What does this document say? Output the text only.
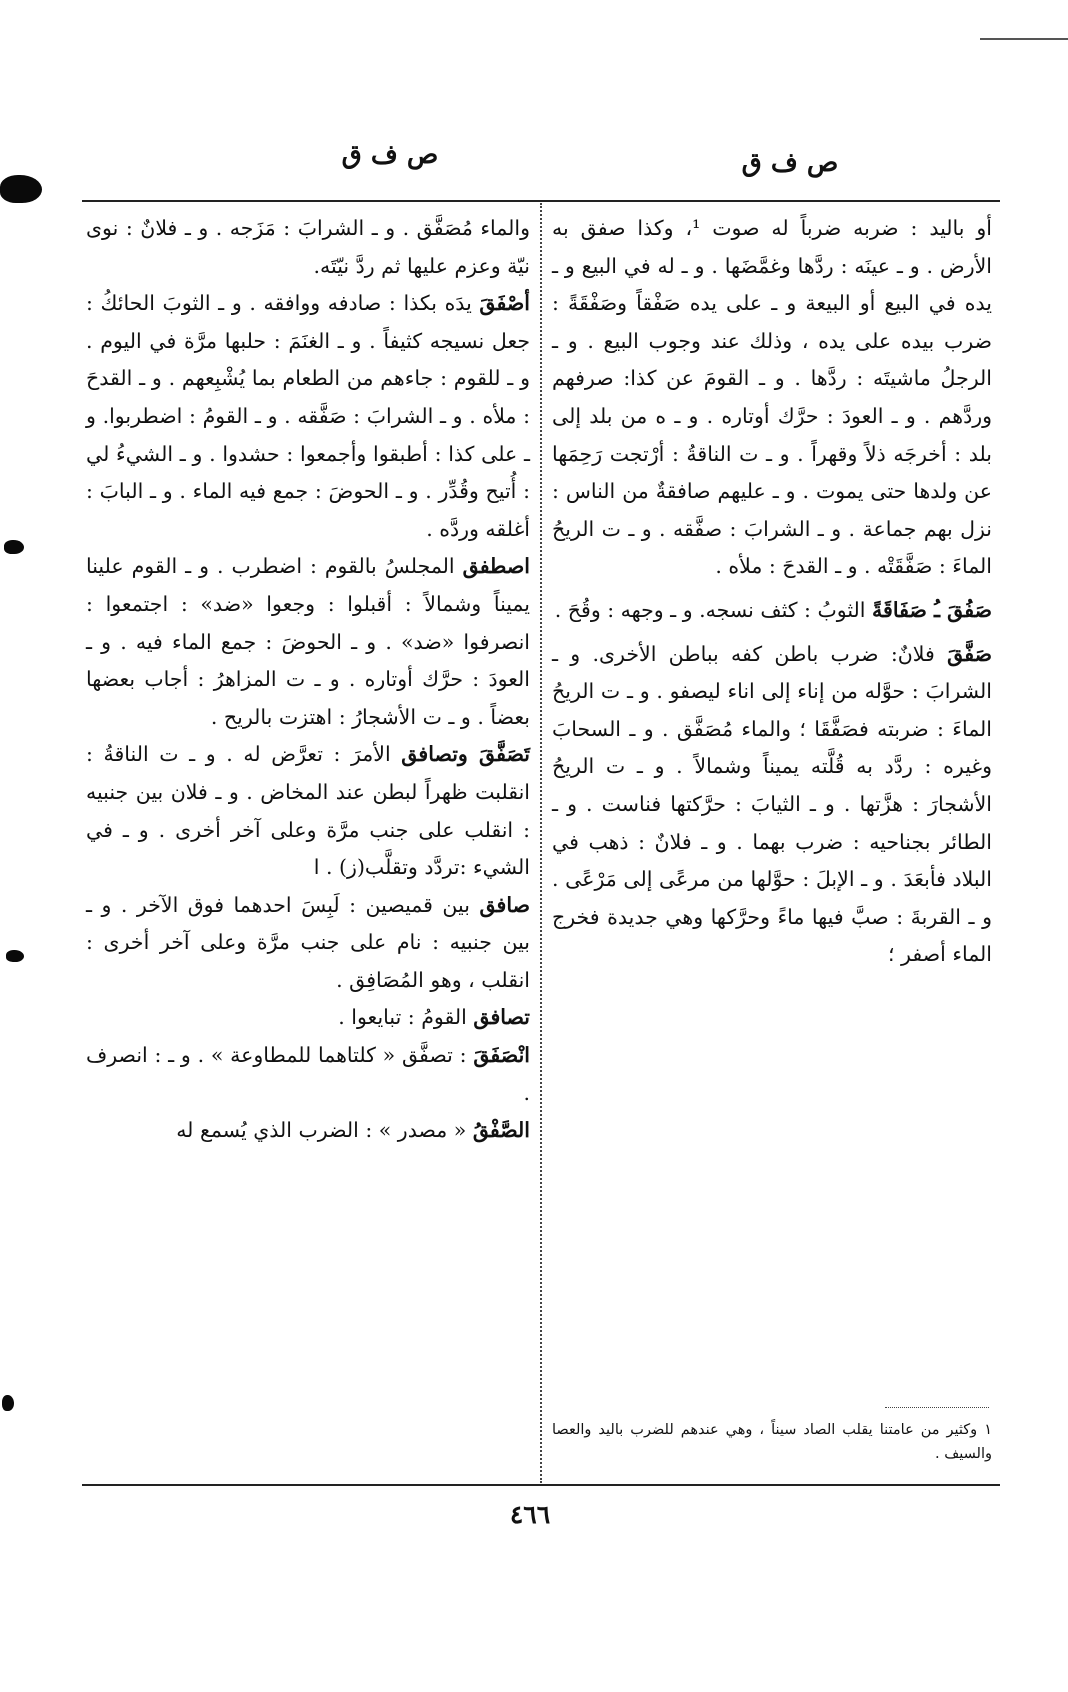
ص ف ق
ص ف ق

أو باليد : ضربه ضرباً له صوت ¹، وكذا صفق به الأرض . و ـ عينَه : ردَّها وغمَّضَها . و ـ له في البيع و ـ يده في البيع أو البيعة و ـ على يده صَفْقاً وصَفْقَةً : ضرب بيده على يده ، وذلك عند وجوب البيع . و ـ الرجلُ ماشيتَه : ردَّها . و ـ القومَ عن كذا: صرفهم وردَّهم . و ـ العودَ : حرَّك أوتاره . و ـ ه من بلد إلى بلد : أخرجَه ذلاً وقهراً . و ـ ت الناقةُ : أرْتجت رَحِمَها عن ولدها حتى يموت . و ـ عليهم صافقةٌ من الناس : نزل بهم جماعة . و ـ الشرابَ : صفَّقه . و ـ ت الريحُ الماءَ : صَفَّقَتْه . و ـ القدحَ : ملأه .

صَفُقَ ـُ صَفَاقَةً الثوبُ : كثف نسجه. و ـ وجهه : وقُحَ .

صَفَّقَ فلانٌ: ضرب باطن كفه بباطن الأخرى. و ـ الشرابَ : حوَّله من إناء إلى اناء ليصفو . و ـ ت الريحُ الماءَ : ضربته فصَفَّقَا ؛ والماء مُصَفَّق . و ـ السحابَ وغيره : ردَّد به قُلَّته يميناً وشمالاً . و ـ ت الريحُ الأشجارَ : هزَّتها . و ـ الثيابَ : حرَّكتها فناست . و ـ الطائر بجناحيه : ضرب بهما . و ـ فلانٌ : ذهب في البلاد فأبعَدَ . و ـ الإبلَ : حوَّلها من مرعًى إلى مَرْعًى . و ـ القربةَ : صبَّ فيها ماءً وحرَّكها وهي جديدة فخرج الماء أصفر ؛

والماء مُصَفَّق . و ـ الشرابَ : مَزَجه . و ـ فلانٌ : نوى نيّة وعزم عليها ثم ردَّ نيّتَه.

أصْفَقَ يدَه بكذا : صادفه ووافقه . و ـ الثوبَ الحائكُ : جعل نسيجه كثيفاً . و ـ الغنَمَ : حلبها مرَّة في اليوم . و ـ للقوم : جاءهم من الطعام بما يُشْبِعهم . و ـ القدحَ : ملأه . و ـ الشرابَ : صَفَّقه . و ـ القومُ : اضطربوا. و ـ على كذا : أطبقوا وأجمعوا : حشدوا . و ـ الشيءُ لي : أُتيح وقُدِّر . و ـ الحوضَ : جمع فيه الماء . و ـ البابَ : أغلقه وردَّه .

اصطفق المجلسُ بالقوم : اضطرب . و ـ القوم علينا يميناً وشمالاً : أقبلوا : وجعوا «ضد» : اجتمعوا : انصرفوا «ضد» . و ـ الحوضَ : جمع الماء فيه . و ـ العودَ : حرَّك أوتاره . و ـ ت المزاهرُ : أجاب بعضها بعضاً . و ـ ت الأشجارُ : اهتزت بالريح .

تَصَفَّقَ وتصافق الأمرَ : تعرَّض له . و ـ ت الناقةُ : انقلبت ظهراً لبطن عند المخاض . و ـ فلان بين جنبيه : انقلب على جنب مرَّة وعلى آخر أخرى . و ـ في الشيء :تردَّد وتقلَّب(ز) . ا

صافق بين قميصين : لَبِسَ احدهما فوق الآخر . و ـ بين جنبيه : نام على جنب مرَّة وعلى آخر أخرى : انقلب ، وهو المُصَافِق .

تصافق القومُ : تبايعوا .

انْصَفَقَ : تصفَّق « كلتاهما للمطاوعة » . و ـ : انصرف .

الصَّفْقُ « مصدر » : الضرب الذي يُسمع له

١ وكثير من عامتنا يقلب الصاد سيناً ، وهي عندهم للضرب باليد والعصا والسيف .
٤٦٦
